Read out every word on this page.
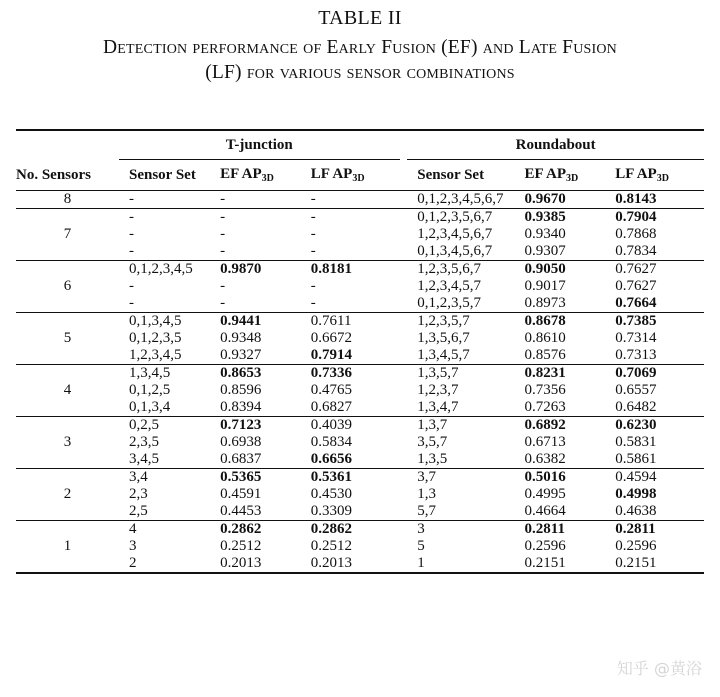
TABLE II
Detection performance of Early Fusion (EF) and Late Fusion
(LF) for various sensor combinations
No. Sensors	T-junction				Roundabout		
	Sensor Set	EF $AP_{3D}$	LF $AP_{3D}$		Sensor Set	EF $AP_{3D}$	LF $AP_{3D}$
8	-	-	-		0,1,2,3,4,5,6,7	0.9670	0.8143
7	-	-	-		0,1,2,3,5,6,7	0.9385	0.7904
	-	-	-		1,2,3,4,5,6,7	0.9340	0.7868
	-	-	-		0,1,3,4,5,6,7	0.9307	0.7834
6	0,1,2,3,4,5	0.9870	0.8181		1,2,3,5,6,7	0.9050	0.7627
	-	-	-		1,2,3,4,5,7	0.9017	0.7627
	-	-	-		0,1,2,3,5,7	0.8973	0.7664
5	0,1,3,4,5	0.9441	0.7611		1,2,3,5,7	0.8678	0.7385
	0,1,2,3,5	0.9348	0.6672		1,3,5,6,7	0.8610	0.7314
	1,2,3,4,5	0.9327	0.7914		1,3,4,5,7	0.8576	0.7313
4	1,3,4,5	0.8653	0.7336		1,3,5,7	0.8231	0.7069
	0,1,2,5	0.8596	0.4765		1,2,3,7	0.7356	0.6557
	0,1,3,4	0.8394	0.6827		1,3,4,7	0.7263	0.6482
3	0,2,5	0.7123	0.4039		1,3,7	0.6892	0.6230
	2,3,5	0.6938	0.5834		3,5,7	0.6713	0.5831
	3,4,5	0.6837	0.6656		1,3,5	0.6382	0.5861
2	3,4	0.5365	0.5361		3,7	0.5016	0.4594
	2,3	0.4591	0.4530		1,3	0.4995	0.4998
	2,5	0.4453	0.3309		5,7	0.4664	0.4638
1	4	0.2862	0.2862		3	0.2811	0.2811
	3	0.2512	0.2512		5	0.2596	0.2596
	2	0.2013	0.2013		1	0.2151	0.2151
知乎 @黄浴
